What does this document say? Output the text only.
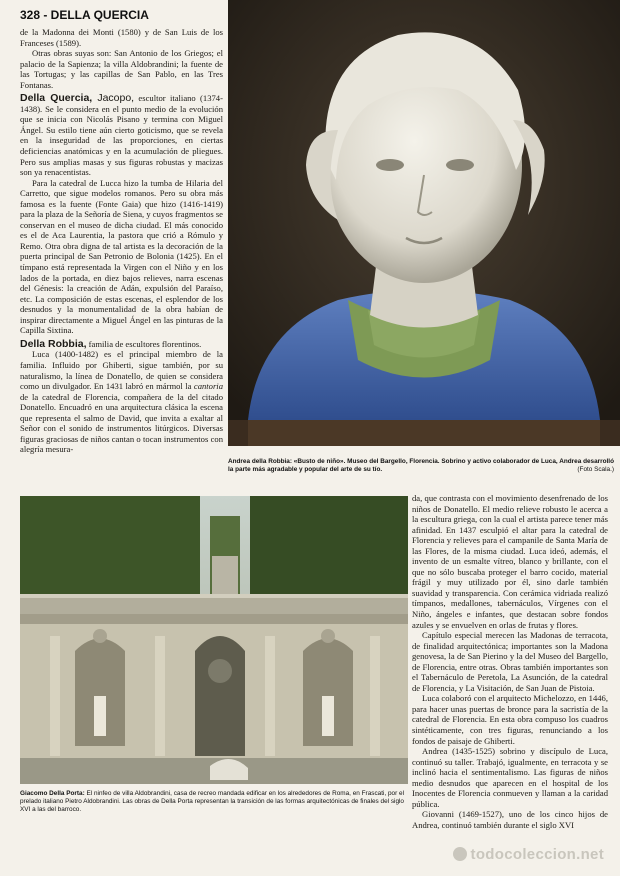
328 - DELLA QUERCIA

de la Madonna dei Monti (1580) y de San Luis de los Franceses (1589).

Otras obras suyas son: San Antonio de los Griegos; el palacio de la Sapienza; la villa Aldobrandini; la fuente de las Tortugas; y las capillas de San Pablo, en las Tres Fontanas.

Della Quercia, Jacopo, escultor italiano (1374-1438). Se le considera en el punto medio de la evolución que se inicia con Nicolás Pisano y termina con Miguel Ángel. Su estilo tiene aún cierto goticismo, que se revela en la inseguridad de las proporciones, en ciertas deficiencias anatómicas y en la acumulación de pliegues. Pero sus amplias masas y sus figuras robustas y macizas son ya renacentistas.

Para la catedral de Lucca hizo la tumba de Hilaria del Carretto, que sigue modelos romanos. Pero su obra más famosa es la fuente (Fonte Gaia) que hizo (1416-1419) para la plaza de la Señoría de Siena, y cuyos fragmentos se conservan en el museo de dicha ciudad. El más conocido es el de Aca Laurentia, la pastora que crió a Rómulo y Remo. Otra obra digna de tal artista es la decoración de la puerta principal de San Petronio de Bolonia (1425). En el tímpano está representada la Virgen con el Niño y en los lados de la portada, en diez bajos relieves, narra escenas del Génesis: la creación de Adán, expulsión del Paraíso, etc. La composición de estas escenas, el esplendor de los desnudos y la monumentalidad de la obra habían de inspirar directamente a Miguel Ángel en las pinturas de la Capilla Sixtina.

Della Robbia, familia de escultores florentinos.

Luca (1400-1482) es el principal miembro de la familia. Influido por Ghiberti, sigue también, por su naturalismo, la línea de Donatello, de quien se considera como un divulgador. En 1431 labró en mármol la cantoria de la catedral de Florencia, compañera de la del citado Donatello. Encuadró en una arquitectura clásica la escena que representa el salmo de David, que invita a exaltar al Señor con el sonido de instrumentos litúrgicos. Diversas figuras graciosas de niños cantan o tocan instrumentos con alegría mesura-

Andrea della Robbia: «Busto de niño». Museo del Bargello, Florencia. Sobrino y activo colaborador de Luca, Andrea desarrolló la parte más agradable y popular del arte de su tío.	(Foto Scala.)
Giacomo Della Porta: El ninfeo de villa Aldobrandini, casa de recreo mandada edificar en los alrededores de Roma, en Frascati, por el prelado italiano Pietro Aldobrandini. Las obras de Della Porta representan la transición de las formas arquitectónicas de finales del siglo XVI a las del barroco.

da, que contrasta con el movimiento desenfrenado de los niños de Donatello. El medio relieve robusto le acerca a la escultura griega, con la cual el artista parece tener más afinidad. En 1437 esculpió el altar para la catedral de Florencia y relieves para el campanile de Santa María de las Flores, de la misma ciudad. Luca ideó, además, el invento de un esmalte vítreo, blanco y brillante, con el que no sólo buscaba proteger el barro cocido, material frágil y muy utilizado por él, sino darle también suavidad y transparencia. Con cerámica vidriada realizó tímpanos, medallones, tabernáculos, Vírgenes con el Niño, ángeles e infantes, que destacan sobre fondos azules y se envuelven en orlas de frutas y flores.

Capítulo especial merecen las Madonas de terracota, de finalidad arquitectónica; importantes son la Madona genovesa, la de San Pierino y la del Museo del Bargello, de Florencia, entre otras. Obras también importantes son el Tabernáculo de Peretola, La Asunción, de la catedral de Florencia, y La Visitación, de San Juan de Pistoia.

Luca colaboró con el arquitecto Michelozzo, en 1446, para hacer unas puertas de bronce para la sacristía de la catedral de Florencia. En esta obra compuso los cuadros sintéticamente, con tres figuras, renunciando a los fondos de paisaje de Ghiberti.

Andrea (1435-1525) sobrino y discípulo de Luca, continuó su taller. Trabajó, igualmente, en terracota y se inclinó hacia el sentimentalismo. Las figuras de niños medio desnudos que aparecen en el hospital de los Inocentes de Florencia conmueven y llaman a la caridad pública.

Giovanni (1469-1527), uno de los cinco hijos de Andrea, continuó también durante el siglo XVI

todocoleccion.net
